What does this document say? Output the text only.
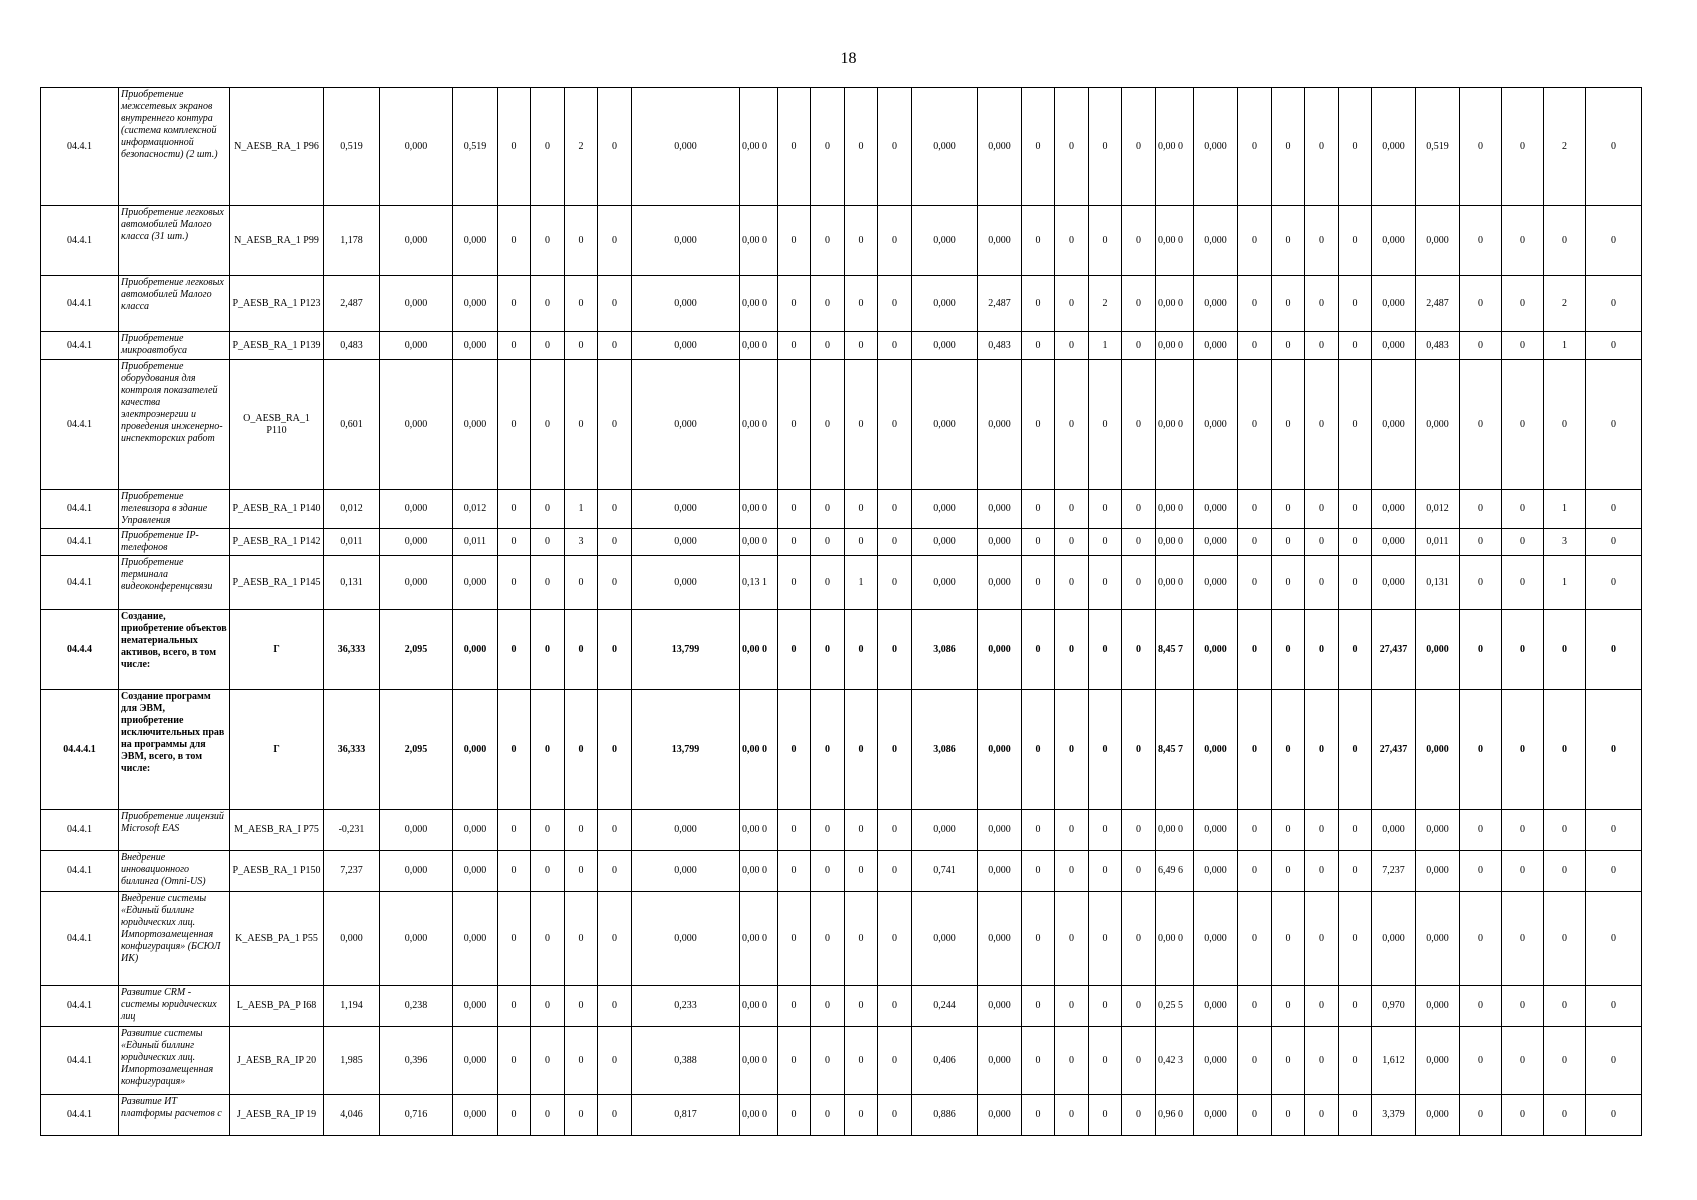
18
04.4.1	Приобретение межсетевых экранов внутреннего контура (система комплексной информационной безопасности) (2 шт.)	N_AESB_RA_1 P96	0,519	0,000	0,519	0	0	2	0	0,000	0,00 0	0	0	0	0	0,000	0,000	0	0	0	0	0,00 0	0,000	0	0	0	0	0,000	0,519	0	0	2	0
04.4.1	Приобретение легковых автомобилей Малого класса (31 шт.)	N_AESB_RA_1 P99	1,178	0,000	0,000	0	0	0	0	0,000	0,00 0	0	0	0	0	0,000	0,000	0	0	0	0	0,00 0	0,000	0	0	0	0	0,000	0,000	0	0	0	0
04.4.1	Приобретение легковых автомобилей Малого класса	P_AESB_RA_1 P123	2,487	0,000	0,000	0	0	0	0	0,000	0,00 0	0	0	0	0	0,000	2,487	0	0	2	0	0,00 0	0,000	0	0	0	0	0,000	2,487	0	0	2	0
04.4.1	Приобретение микроавтобуса	P_AESB_RA_1 P139	0,483	0,000	0,000	0	0	0	0	0,000	0,00 0	0	0	0	0	0,000	0,483	0	0	1	0	0,00 0	0,000	0	0	0	0	0,000	0,483	0	0	1	0
04.4.1	Приобретение оборудования для контроля показателей качества электроэнергии и проведения инженерно-инспекторских работ	O_AESB_RA_1 P110	0,601	0,000	0,000	0	0	0	0	0,000	0,00 0	0	0	0	0	0,000	0,000	0	0	0	0	0,00 0	0,000	0	0	0	0	0,000	0,000	0	0	0	0
04.4.1	Приобретение телевизора в здание Управления	P_AESB_RA_1 P140	0,012	0,000	0,012	0	0	1	0	0,000	0,00 0	0	0	0	0	0,000	0,000	0	0	0	0	0,00 0	0,000	0	0	0	0	0,000	0,012	0	0	1	0
04.4.1	Приобретение IP-телефонов	P_AESB_RA_1 P142	0,011	0,000	0,011	0	0	3	0	0,000	0,00 0	0	0	0	0	0,000	0,000	0	0	0	0	0,00 0	0,000	0	0	0	0	0,000	0,011	0	0	3	0
04.4.1	Приобретение терминала видеоконференцсвязи	P_AESB_RA_1 P145	0,131	0,000	0,000	0	0	0	0	0,000	0,13 1	0	0	1	0	0,000	0,000	0	0	0	0	0,00 0	0,000	0	0	0	0	0,000	0,131	0	0	1	0
04.4.4	Создание, приобретение объектов нематериальных активов, всего, в том числе:	Г	36,333	2,095	0,000	0	0	0	0	13,799	0,00 0	0	0	0	0	3,086	0,000	0	0	0	0	8,45 7	0,000	0	0	0	0	27,437	0,000	0	0	0	0
04.4.4.1	Создание программ для ЭВМ, приобретение исключительных прав на программы для ЭВМ, всего, в том числе:	Г	36,333	2,095	0,000	0	0	0	0	13,799	0,00 0	0	0	0	0	3,086	0,000	0	0	0	0	8,45 7	0,000	0	0	0	0	27,437	0,000	0	0	0	0
04.4.1	Приобретение лицензий Microsoft EAS	M_AESB_RA_I P75	-0,231	0,000	0,000	0	0	0	0	0,000	0,00 0	0	0	0	0	0,000	0,000	0	0	0	0	0,00 0	0,000	0	0	0	0	0,000	0,000	0	0	0	0
04.4.1	Внедрение инновационного биллинга (Omni-US)	P_AESB_RA_1 P150	7,237	0,000	0,000	0	0	0	0	0,000	0,00 0	0	0	0	0	0,741	0,000	0	0	0	0	6,49 6	0,000	0	0	0	0	7,237	0,000	0	0	0	0
04.4.1	Внедрение системы «Единый биллинг юридических лиц. Импортозамещенная конфигурация» (БСЮЛ ИК)	K_AESB_PA_1 P55	0,000	0,000	0,000	0	0	0	0	0,000	0,00 0	0	0	0	0	0,000	0,000	0	0	0	0	0,00 0	0,000	0	0	0	0	0,000	0,000	0	0	0	0
04.4.1	Развитие CRM - системы юридических лиц	L_AESB_PA_P I68	1,194	0,238	0,000	0	0	0	0	0,233	0,00 0	0	0	0	0	0,244	0,000	0	0	0	0	0,25 5	0,000	0	0	0	0	0,970	0,000	0	0	0	0
04.4.1	Развитие системы «Единый биллинг юридических лиц. Импортозамещенная конфигурация»	J_AESB_RA_IP 20	1,985	0,396	0,000	0	0	0	0	0,388	0,00 0	0	0	0	0	0,406	0,000	0	0	0	0	0,42 3	0,000	0	0	0	0	1,612	0,000	0	0	0	0
04.4.1	Развитие ИТ платформы расчетов с	J_AESB_RA_IP 19	4,046	0,716	0,000	0	0	0	0	0,817	0,00 0	0	0	0	0	0,886	0,000	0	0	0	0	0,96 0	0,000	0	0	0	0	3,379	0,000	0	0	0	0
